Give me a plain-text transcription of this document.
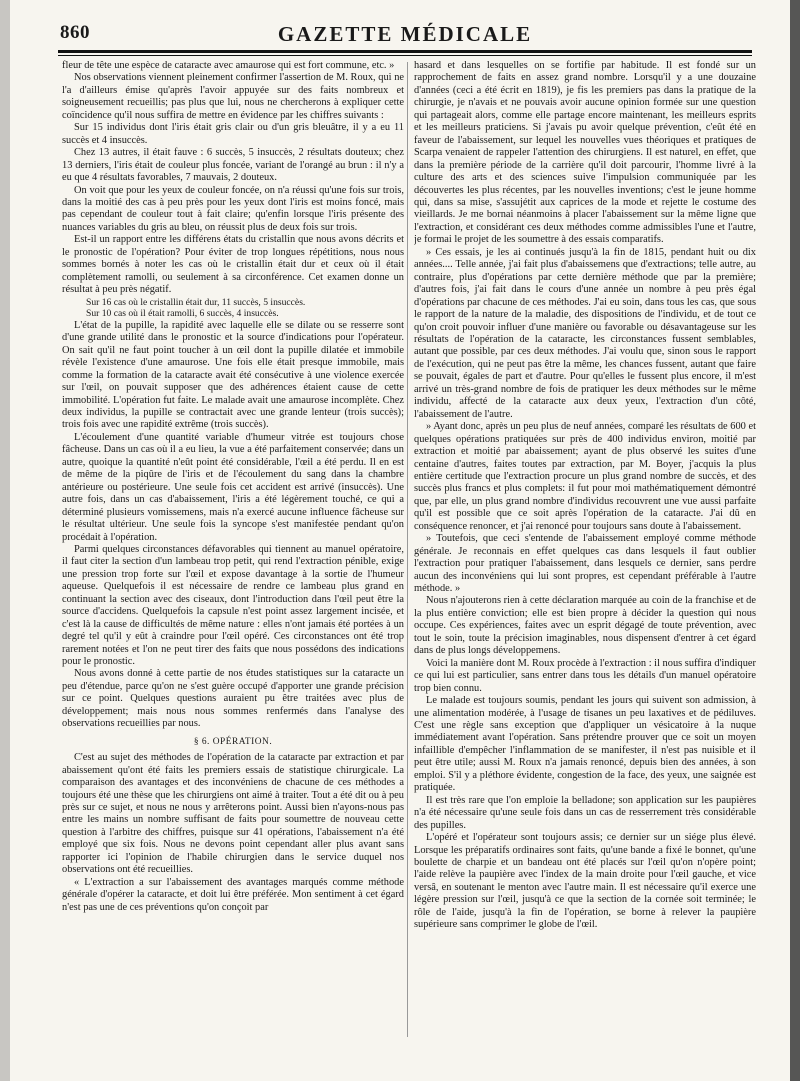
860	GAZETTE MÉDICALE

fleur de tête une espèce de cataracte avec amaurose qui est fort commune, etc. »

Nos observations viennent pleinement confirmer l'assertion de M. Roux, qui ne l'a d'ailleurs émise qu'après l'avoir appuyée sur des faits nombreux et soigneusement recueillis; pas plus que lui, nous ne chercherons à expliquer cette coïncidence qu'il nous suffira de mettre en évidence par les chiffres suivants :

Sur 15 individus dont l'iris était gris clair ou d'un gris bleuâtre, il y a eu 11 succès et 4 insuccès.

Chez 13 autres, il était fauve : 6 succès, 5 insuccès, 2 résultats douteux; chez 13 derniers, l'iris était de couleur plus foncée, variant de l'orangé au brun : il n'y a eu que 4 résultats favorables, 7 mauvais, 2 douteux.

On voit que pour les yeux de couleur foncée, on n'a réussi qu'une fois sur trois, dans la moitié des cas à peu près pour les yeux dont l'iris est moins foncé, mais pas cependant de couleur tout à fait claire; qu'enfin lorsque l'iris présente des nuances variables du gris au bleu, on réussit plus de deux fois sur trois.

Est-il un rapport entre les différens états du cristallin que nous avons décrits et le pronostic de l'opération? Pour éviter de trop longues répétitions, nous nous sommes bornés à noter les cas où le cristallin était dur et ceux où il était complètement ramolli, ou seulement à sa circonférence. Cet examen donne un résultat à peu près négatif.

Sur 16 cas où le cristallin était dur, 11 succès, 5 insuccès.

Sur 10 cas où il était ramolli, 6 succès, 4 insuccès.

L'état de la pupille, la rapidité avec laquelle elle se dilate ou se resserre sont d'une grande utilité dans le pronostic et la source d'indications pour l'opérateur. On sait qu'il ne faut point toucher à un œil dont la pupille dilatée et immobile révèle l'existence d'une amaurose. Une fois elle était presque immobile, mais comme la formation de la cataracte avait été consécutive à une violence exercée sur l'œil, on pouvait supposer que des adhérences étaient cause de cette immobilité. L'opération fut faite. Le malade avait une amaurose incomplète. Chez deux individus, la pupille se contractait avec une grande lenteur (trois succès); trois fois avec une rapidité extrême (trois succès).

L'écoulement d'une quantité variable d'humeur vitrée est toujours chose fâcheuse. Dans un cas où il a eu lieu, la vue a été parfaitement conservée; dans un autre, quoique la quantité n'eût point été considérable, l'œil a été perdu. Il en est de même de la piqûre de l'iris et de l'écoulement du sang dans la chambre antérieure ou postérieure. Une seule fois cet accident est arrivé (insuccès). Une autre fois, dans un cas d'abaissement, l'iris a été légèrement touché, ce qui a déterminé plusieurs vomissemens, mais n'a exercé aucune influence fâcheuse sur le résultat ultérieur. Une seule fois la syncope s'est manifestée pendant qu'on procédait à l'opération.

Parmi quelques circonstances défavorables qui tiennent au manuel opératoire, il faut citer la section d'un lambeau trop petit, qui rend l'extraction pénible, exige une pression trop forte sur l'œil et expose davantage à la sortie de l'humeur aqueuse. Quelquefois il est nécessaire de rendre ce lambeau plus grand en continuant la section avec des ciseaux, dont l'introduction dans l'œil peut être la source d'accidens. Quelquefois la capsule n'est point assez largement incisée, et c'est là la cause de difficultés de même nature : elles n'ont jamais été portées à un degré tel qu'il y eût à craindre pour l'œil opéré. Ces circonstances ont été trop rarement notées et l'on ne peut tirer des faits que nous possédons des indications pour le pronostic.

Nous avons donné à cette partie de nos études statistiques sur la cataracte un peu d'étendue, parce qu'on ne s'est guère occupé d'apporter une grande précision sur ce point. Quelques questions auraient pu être traitées avec plus de développement; mais nous nous sommes renfermés dans l'analyse des observations recueillies par nous.

§ 6. OPÉRATION.

C'est au sujet des méthodes de l'opération de la cataracte par extraction et par abaissement qu'ont été faits les premiers essais de statistique chirurgicale. La comparaison des avantages et des inconvéniens de chacune de ces méthodes a toujours été une thèse que les chirurgiens ont aimé à traiter. Tout a été dit ou à peu près sur ce sujet, et nous ne nous y arrêterons point. Aussi bien n'ayons-nous pas entre les mains un nombre suffisant de faits pour soumettre de nouveau cette question à l'arbitre des chiffres, puisque sur 41 opérations, l'abaissement n'a été employé que six fois. Nous ne devons point cependant aller plus avant sans rapporter ici l'opinion de l'habile chirurgien dans le service duquel nos observations ont été recueillies.

« L'extraction a sur l'abaissement des avantages marqués comme méthode générale d'opérer la cataracte, et doit lui être préférée. Mon sentiment à cet égard n'est pas une de ces préventions qu'on conçoit par

hasard et dans lesquelles on se fortifie par habitude. Il est fondé sur un rapprochement de faits en assez grand nombre. Lorsqu'il y a une douzaine d'années (ceci a été écrit en 1819), je fis les premiers pas dans la pratique de la chirurgie, je n'avais et ne pouvais avoir aucune opinion formée sur une question qui partageait alors, comme elle partage encore maintenant, les meilleurs esprits et les meilleurs praticiens. Si j'avais pu avoir quelque prévention, c'eût été en faveur de l'abaissement, sur lequel les nouvelles vues théoriques et pratiques de Scarpa venaient de rappeler l'attention des chirurgiens. Il est naturel, en effet, que dans la première période de la carrière qu'il doit parcourir, l'homme livré à la culture des arts et des sciences suive l'impulsion communiquée par les découvertes les plus récentes, par les nouvelles inventions; c'est le jeune homme qui, dans sa mise, s'assujétit aux caprices de la mode et rejette le costume des vieillards. Je me bornai néanmoins à placer l'abaissement sur la même ligne que l'extraction, et considérant ces deux méthodes comme admissibles l'une et l'autre, je formai le projet de les soumettre à des essais comparatifs.

» Ces essais, je les ai continués jusqu'à la fin de 1815, pendant huit ou dix années.... Telle année, j'ai fait plus d'abaissemens que d'extractions; telle autre, au contraire, plus d'opérations par cette dernière méthode que par la première; d'autres fois, j'ai fait dans le cours d'une année un nombre à peu près égal d'opérations par chacune de ces méthodes. J'ai eu soin, dans tous les cas, que sous le rapport de la nature de la maladie, des dispositions de l'individu, et de tout ce qu'on croit pouvoir influer d'une manière ou favorable ou désavantageuse sur les résultats de l'opération de la cataracte, les circonstances fussent semblables, autant que possible, par ces deux méthodes. J'ai voulu que, sinon sous le rapport de l'exécution, qui ne peut pas être la même, les chances fussent, autant que faire se pouvait, égales de part et d'autre. Pour qu'elles le fussent plus encore, il m'est arrivé un très-grand nombre de fois de pratiquer les deux méthodes sur le même individu, affecté de la cataracte aux deux yeux, l'extraction d'un côté, l'abaissement de l'autre.

» Ayant donc, après un peu plus de neuf années, comparé les résultats de 600 et quelques opérations pratiquées sur près de 400 individus environ, moitié par extraction et moitié par abaissement; ayant de plus observé les suites d'une centaine d'autres, faites toutes par extraction, par M. Boyer, j'acquis la plus entière certitude que l'extraction procure un plus grand nombre de succès, et des succès plus francs et plus complets: il fut pour moi mathématiquement démontré que, par elle, un plus grand nombre d'individus recouvrent une vue aussi parfaite qu'il est possible que ce soit après l'opération de la cataracte. J'ai dû en conséquence renoncer, et j'ai renoncé pour toujours sans doute à l'abaissement.

» Toutefois, que ceci s'entende de l'abaissement employé comme méthode générale. Je reconnais en effet quelques cas dans lesquels il faut oublier l'extraction pour pratiquer l'abaissement, dans lesquels ce dernier, sans perdre aucun des inconvéniens qui lui sont propres, est cependant préférable à l'autre méthode. »

Nous n'ajouterons rien à cette déclaration marquée au coin de la franchise et de la plus entière conviction; elle est bien propre à décider la question qui nous occupe. Ces expériences, faites avec un esprit dégagé de toute prévention, avec tout le soin, toute la précision imaginables, nous dispensent d'entrer à cet égard dans de plus longs développemens.

Voici la manière dont M. Roux procède à l'extraction : il nous suffira d'indiquer ce qui lui est particulier, sans entrer dans tous les détails d'un manuel opératoire trop bien connu.

Le malade est toujours soumis, pendant les jours qui suivent son admission, à une alimentation modérée, à l'usage de tisanes un peu laxatives et de pédiluves. C'est une règle sans exception que d'appliquer un vésicatoire à la nuque immédiatement avant l'opération. Sans prétendre prouver que ce soit un moyen infaillible d'empêcher l'inflammation de se manifester, il n'est pas nuisible et il peut être utile; aussi M. Roux n'a jamais renoncé, depuis bien des années, à son emploi. S'il y a pléthore évidente, congestion de la face, des yeux, une saignée est pratiquée.

Il est très rare que l'on emploie la belladone; son application sur les paupières n'a été nécessaire qu'une seule fois dans un cas de resserrement très considérable des pupilles.

L'opéré et l'opérateur sont toujours assis; ce dernier sur un siége plus élevé. Lorsque les préparatifs ordinaires sont faits, qu'une bande a fixé le bonnet, qu'une boulette de charpie et un bandeau ont été placés sur l'œil qu'on n'opère point; l'aide relève la paupière avec l'index de la main droite pour l'œil gauche, et vice versâ, en soutenant le menton avec l'autre main. Il est nécessaire qu'il exerce une légère pression sur l'œil, jusqu'à ce que la section de la cornée soit terminée; le rôle de l'aide, jusqu'à la fin de l'opération, se borne à relever la paupière supérieure sans comprimer le globe de l'œil.
